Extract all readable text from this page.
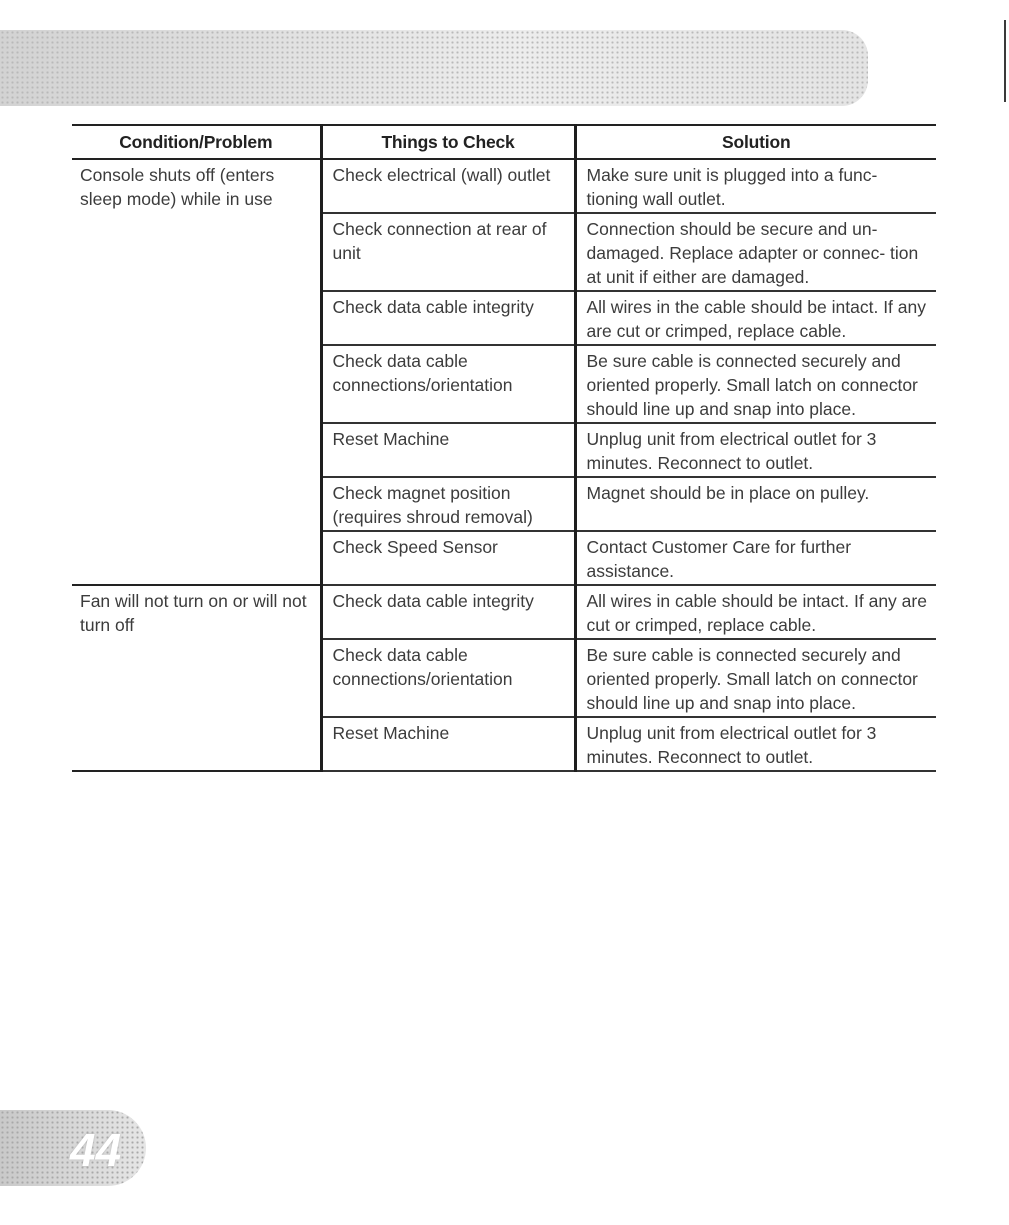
Condition/Problem	Things to Check	Solution
Console shuts off (enters sleep mode) while in use	Check electrical (wall) outlet	Make sure unit is plugged into a func- tioning wall outlet.
	Check connection at rear of unit	Connection should be secure and un- damaged. Replace adapter or connec- tion at unit if either are damaged.
	Check data cable integrity	All wires in the cable should be intact. If any are cut or crimped, replace cable.
	Check data cable connections/orientation	Be sure cable is connected securely and oriented properly. Small latch on connector should line up and snap into place.
	Reset Machine	Unplug unit from electrical outlet for 3 minutes. Reconnect to outlet.
	Check magnet position (requires shroud removal)	Magnet should be in place on pulley.
	Check Speed Sensor	Contact Customer Care for further assistance.
Fan will not turn on or will not turn off	Check data cable integrity	All wires in cable should be intact. If any are cut or crimped, replace cable.
	Check data cable connections/orientation	Be sure cable is connected securely and oriented properly. Small latch on connector should line up and snap into place.
	Reset Machine	Unplug unit from electrical outlet for 3 minutes. Reconnect to outlet.
44
